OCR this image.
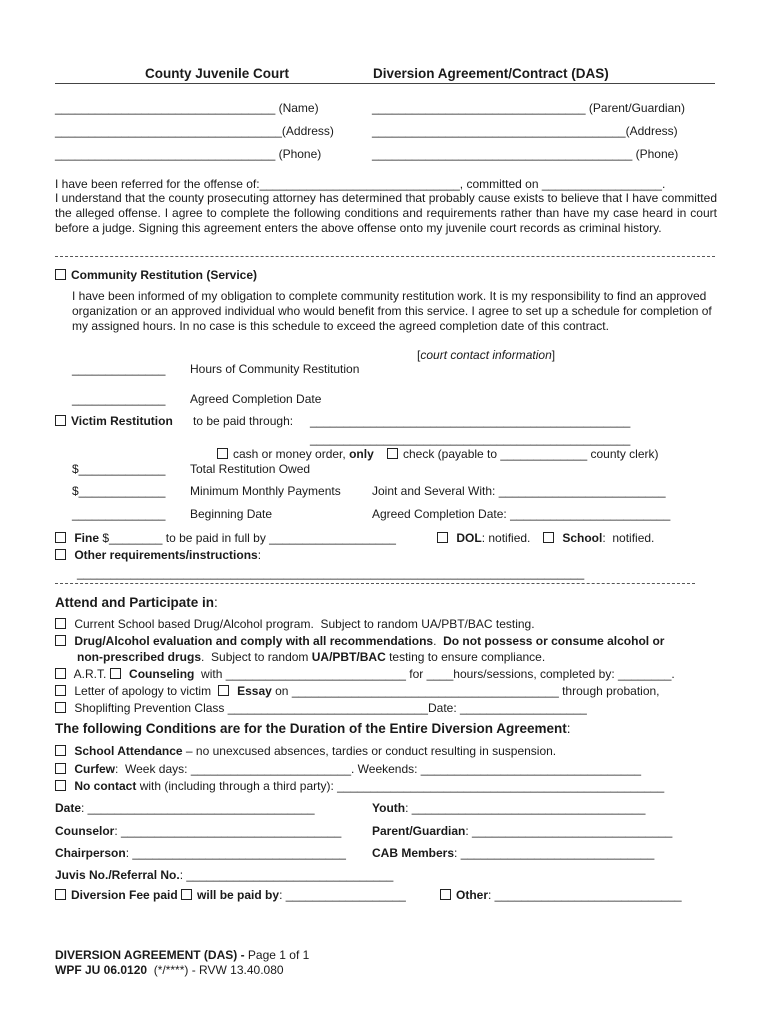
County Juvenile Court	Diversion Agreement/Contract (DAS)
_________________________________ (Name)	________________________________ (Parent/Guardian)
__________________________________(Address)	______________________________________(Address)
_________________________________ (Phone)	_______________________________________ (Phone)
I have been referred for the offense of:______________________________, committed on __________________.
I understand that the county prosecuting attorney has determined that probably cause exists to believe that I have committed the alleged offense. I agree to complete the following conditions and requirements rather than have my case heard in court before a judge. Signing this agreement enters the above offense onto my juvenile court records as criminal history.
Community Restitution (Service)
I have been informed of my obligation to complete community restitution work. It is my responsibility to find an approved organization or an approved individual who would benefit from this service. I agree to set up a schedule for completion of my assigned hours. In no case is this schedule to exceed the agreed completion date of this contract.
[court contact information]
______________ Hours of Community Restitution
______________ Agreed Completion Date
Victim Restitution to be paid through: ________________________________________________
________________________________________________
cash or money order, only	check (payable to _____________ county clerk)
$_____________ Total Restitution Owed
$_____________ Minimum Monthly Payments	Joint and Several With: _________________________
______________ Beginning Date	Agreed Completion Date: ________________________
Fine $________ to be paid in full by ___________________	DOL: notified.	School:  notified.
Other requirements/instructions:
____________________________________________________________________________
Attend and Participate in:
Current School based Drug/Alcohol program.  Subject to random UA/PBT/BAC testing.
Drug/Alcohol evaluation and comply with all recommendations.  Do not possess or consume alcohol or
non-prescribed drugs.  Subject to random UA/PBT/BAC testing to ensure compliance.
A.R.T. Counseling  with ___________________________ for ____hours/sessions, completed by: ________.
Letter of apology to victim Essay on ________________________________________ through probation,
Shoplifting Prevention Class ______________________________Date: ___________________
The following Conditions are for the Duration of the Entire Diversion Agreement:
School Attendance – no unexcused absences, tardies or conduct resulting in suspension.
Curfew:  Week days: ________________________. Weekends: _________________________________
No contact with (including through a third party): _________________________________________________
Date: __________________________________	Youth: ___________________________________
Counselor: _________________________________	Parent/Guardian: ______________________________
Chairperson: ________________________________ CAB Members: _____________________________
Juvis No./Referral No.: _______________________________
Diversion Fee paid will be paid by: __________________	Other: ____________________________
DIVERSION AGREEMENT (DAS) - Page 1 of 1
WPF JU 06.0120  (*/****) - RVW 13.40.080
